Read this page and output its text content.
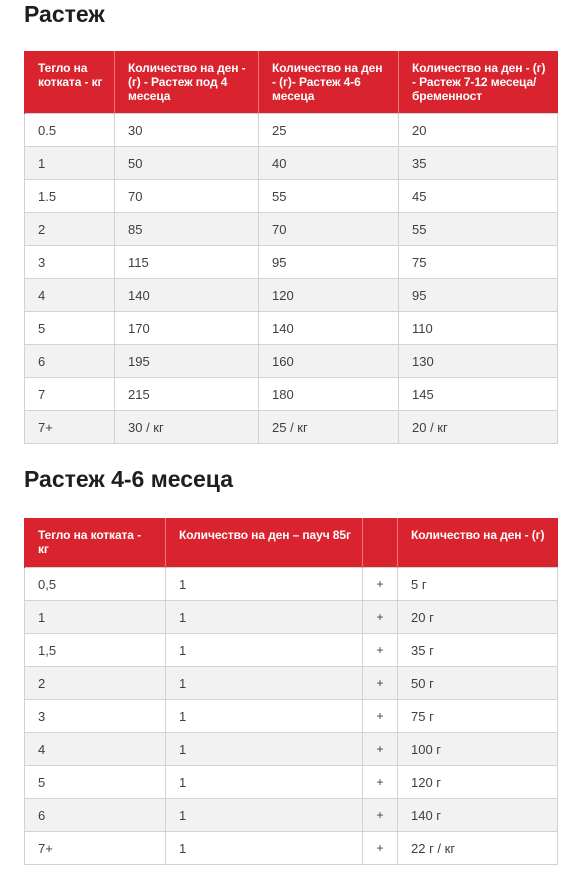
Растеж
Тегло на котката - кг	Количество на ден - (г) - Растеж под 4 месеца	Количество на ден - (г)- Растеж 4-6 месеца	Количество на ден - (г) - Растеж 7-12 месеца/бременност
0.5	30	25	20
1	50	40	35
1.5	70	55	45
2	85	70	55
3	115	95	75
4	140	120	95
5	170	140	110
6	195	160	130
7	215	180	145
7+	30 / кг	25 / кг	20 / кг
Растеж 4-6 месеца
Тегло на котката - кг	Количество на ден – пауч 85г		Количество на ден - (г)
0,5	1	+	5 г
1	1	+	20 г
1,5	1	+	35 г
2	1	+	50 г
3	1	+	75 г
4	1	+	100 г
5	1	+	120 г
6	1	+	140 г
7+	1	+	22 г / кг
